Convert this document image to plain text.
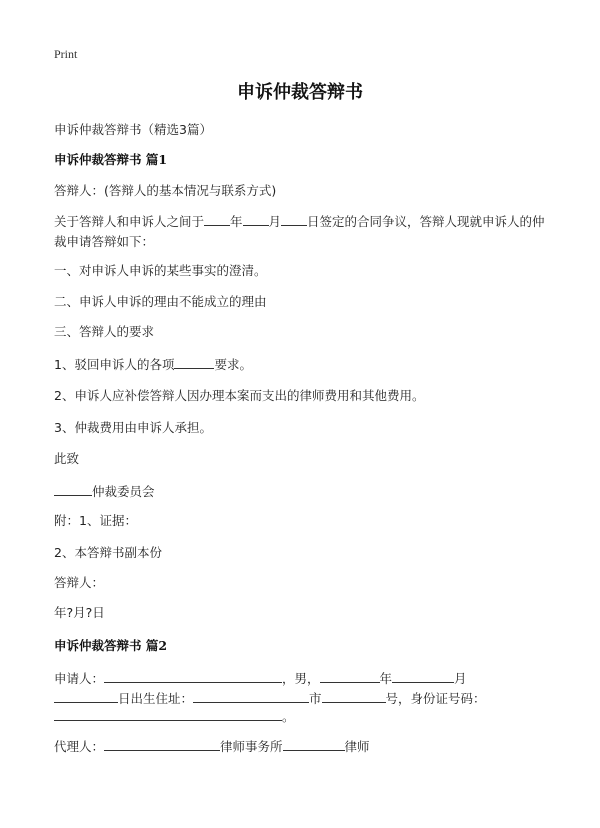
Print
申诉仲裁答辩书
申诉仲裁答辩书（精选3篇）
申诉仲裁答辩书 篇1
答辩人：(答辩人的基本情况与联系方式)
关于答辩人和申诉人之间于 年 月 日签定的合同争议，答辩人现就申诉人的仲裁申请答辩如下：
一、对申诉人申诉的某些事实的澄清。
二、申诉人申诉的理由不能成立的理由
三、答辩人的要求
1、驳回申诉人的各项	要求。
2、申诉人应补偿答辩人因办理本案而支出的律师费用和其他费用。
3、仲裁费用由申诉人承担。
此致
仲裁委员会
附：1、证据：
2、本答辩书副本份
答辩人：
年?月?日
申诉仲裁答辩书 篇2
申请人：	，男，	年	月
日出生住址：	市	号，身份证号码：
。
代理人：	律师事务所	律师
